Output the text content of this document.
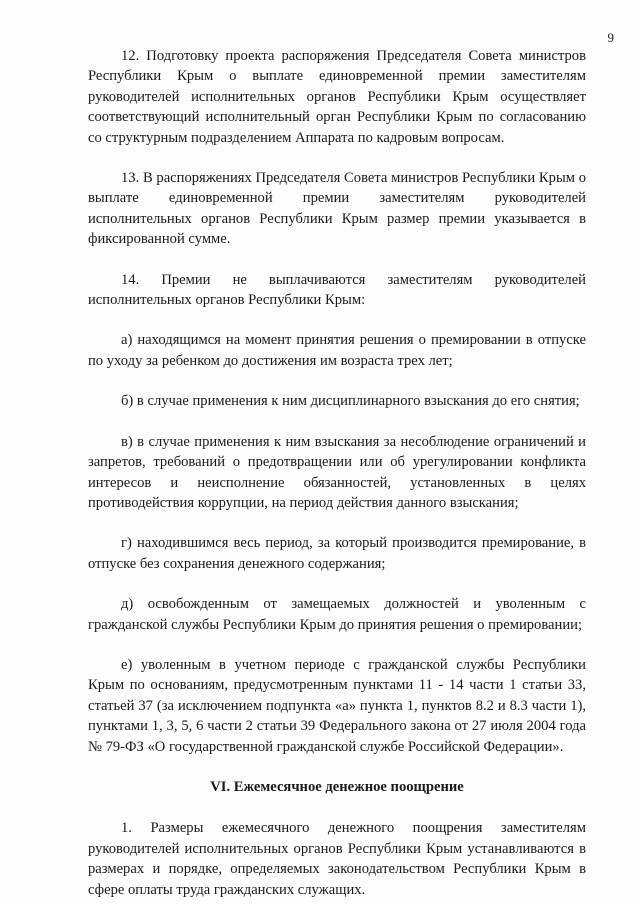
9

12. Подготовку проекта распоряжения Председателя Совета министров Республики Крым о выплате единовременной премии заместителям руководителей исполнительных органов Республики Крым осуществляет соответствующий исполнительный орган Республики Крым по согласованию со структурным подразделением Аппарата по кадровым вопросам.

13. В распоряжениях Председателя Совета министров Республики Крым о выплате единовременной премии заместителям руководителей исполнительных органов Республики Крым размер премии указывается в фиксированной сумме.

14. Премии не выплачиваются заместителям руководителей исполнительных органов Республики Крым:

а) находящимся на момент принятия решения о премировании в отпуске по уходу за ребенком до достижения им возраста трех лет;

б) в случае применения к ним дисциплинарного взыскания до его снятия;

в) в случае применения к ним взыскания за несоблюдение ограничений и запретов, требований о предотвращении или об урегулировании конфликта интересов и неисполнение обязанностей, установленных в целях противодействия коррупции, на период действия данного взыскания;

г) находившимся весь период, за который производится премирование, в отпуске без сохранения денежного содержания;

д) освобожденным от замещаемых должностей и уволенным с гражданской службы Республики Крым до принятия решения о премировании;

е) уволенным в учетном периоде с гражданской службы Республики Крым по основаниям, предусмотренным пунктами 11 - 14 части 1 статьи 33, статьей 37 (за исключением подпункта «а» пункта 1, пунктов 8.2 и 8.3 части 1), пунктами 1, 3, 5, 6 части 2 статьи 39 Федерального закона от 27 июля 2004 года № 79-ФЗ «О государственной гражданской службе Российской Федерации».

VI. Ежемесячное денежное поощрение

1. Размеры ежемесячного денежного поощрения заместителям руководителей исполнительных органов Республики Крым устанавливаются в размерах и порядке, определяемых законодательством Республики Крым в сфере оплаты труда гражданских служащих.
